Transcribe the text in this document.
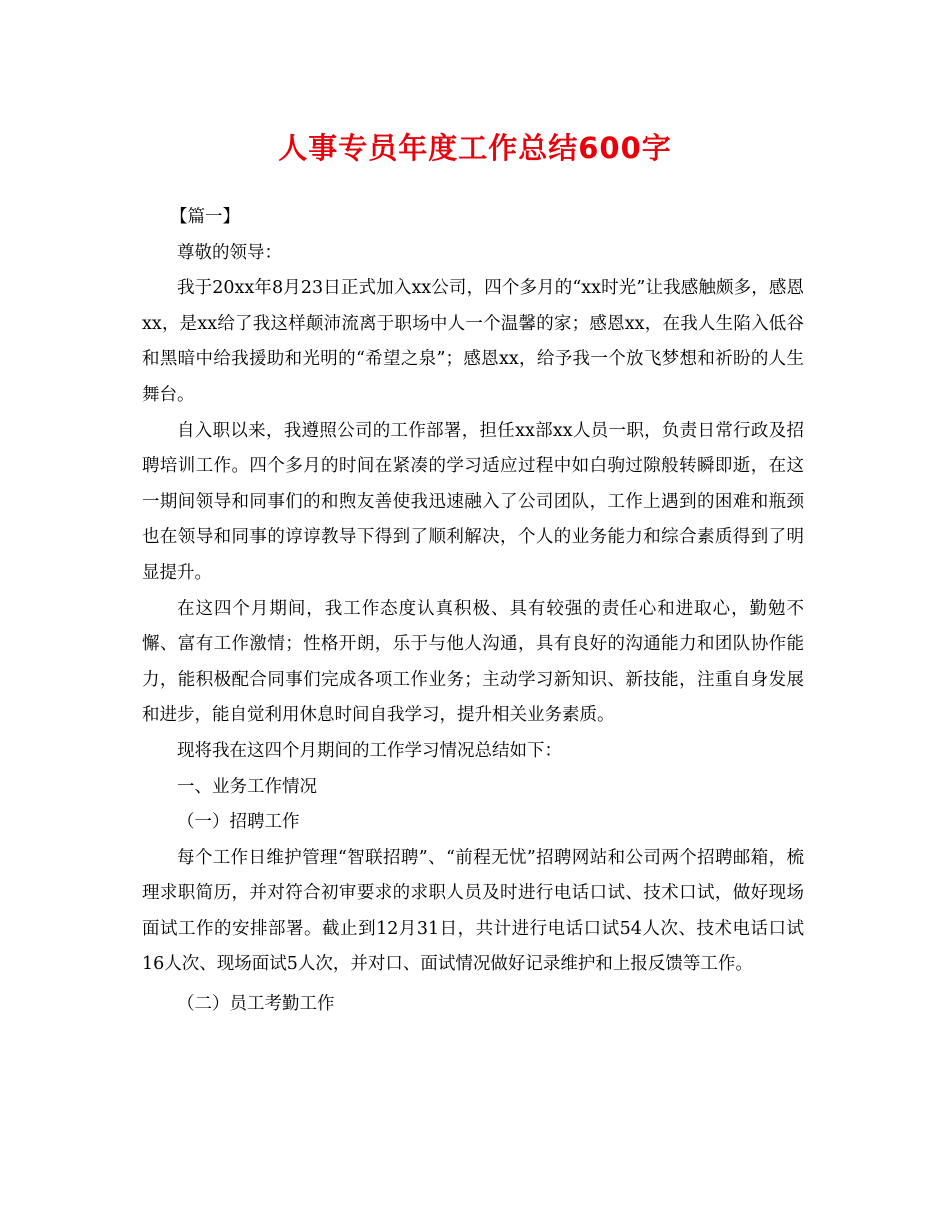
人事专员年度工作总结600字

【篇一】

尊敬的领导：

我于20xx年8月23日正式加入xx公司，四个多月的“xx时光”让我感触颇多，感恩xx，是xx给了我这样颠沛流离于职场中人一个温馨的家；感恩xx，在我人生陷入低谷和黑暗中给我援助和光明的“希望之泉”；感恩xx，给予我一个放飞梦想和祈盼的人生舞台。

自入职以来，我遵照公司的工作部署，担任xx部xx人员一职，负责日常行政及招聘培训工作。四个多月的时间在紧凑的学习适应过程中如白驹过隙般转瞬即逝，在这一期间领导和同事们的和煦友善使我迅速融入了公司团队，工作上遇到的困难和瓶颈也在领导和同事的谆谆教导下得到了顺利解决，个人的业务能力和综合素质得到了明显提升。

在这四个月期间，我工作态度认真积极、具有较强的责任心和进取心，勤勉不懈、富有工作激情；性格开朗，乐于与他人沟通，具有良好的沟通能力和团队协作能力，能积极配合同事们完成各项工作业务；主动学习新知识、新技能，注重自身发展和进步，能自觉利用休息时间自我学习，提升相关业务素质。

现将我在这四个月期间的工作学习情况总结如下：

一、业务工作情况

（一）招聘工作

每个工作日维护管理“智联招聘”、“前程无忧”招聘网站和公司两个招聘邮箱，梳理求职简历，并对符合初审要求的求职人员及时进行电话口试、技术口试，做好现场面试工作的安排部署。截止到12月31日，共计进行电话口试54人次、技术电话口试16人次、现场面试5人次，并对口、面试情况做好记录维护和上报反馈等工作。

（二）员工考勤工作
